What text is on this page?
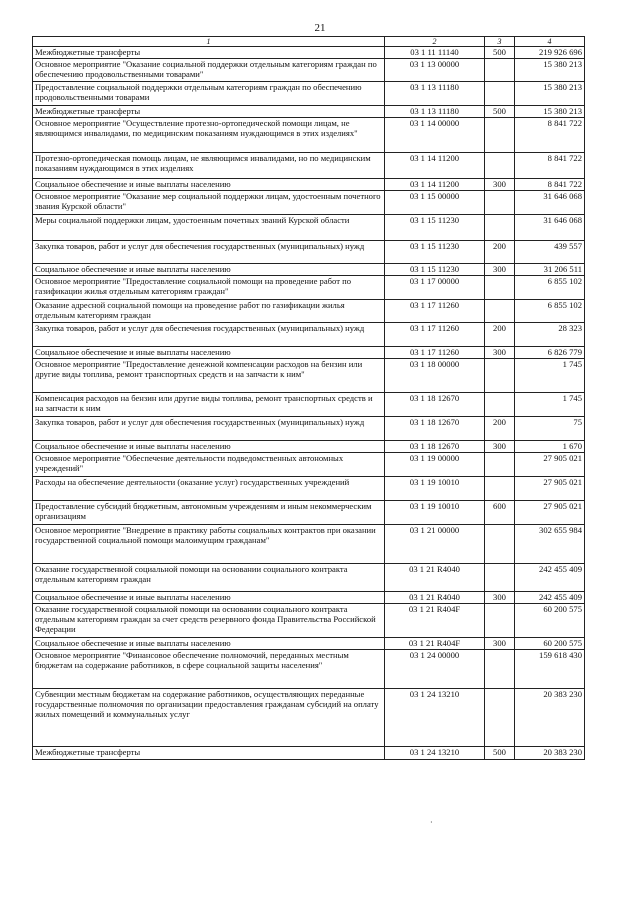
21
1	2	3	4
Межбюджетные трансферты	03 1 11 11140	500	219 926 696
Основное мероприятие "Оказание социальной поддержки отдельным категориям граждан по обеспечению продовольственными товарами"	03 1 13 00000		15 380 213
Предоставление социальной поддержки отдельным категориям граждан по обеспечению продовольственными товарами	03 1 13 11180		15 380 213
Межбюджетные трансферты	03 1 13 11180	500	15 380 213
Основное мероприятие "Осуществление протезно-ортопедической помощи лицам, не являющимся инвалидами, по медицинским показаниям нуждающимся в этих изделиях"	03 1 14 00000		8 841 722
Протезно-ортопедическая помощь лицам, не являющимся инвалидами, но по медицинским показаниям нуждающимся в этих изделиях	03 1 14 11200		8 841 722
Социальное обеспечение и иные выплаты населению	03 1 14 11200	300	8 841 722
Основное мероприятие "Оказание мер социальной поддержки лицам, удостоенным почетного звания Курской области"	03 1 15 00000		31 646 068
Меры социальной поддержки лицам, удостоенным почетных званий Курской области	03 1 15 11230		31 646 068
Закупка товаров, работ и услуг для обеспечения государственных (муниципальных) нужд	03 1 15 11230	200	439 557
Социальное обеспечение и иные выплаты населению	03 1 15 11230	300	31 206 511
Основное мероприятие "Предоставление социальной помощи на проведение работ по газификации жилья отдельным категориям граждан"	03 1 17 00000		6 855 102
Оказание адресной социальной помощи на проведение работ по газификации жилья отдельным категориям граждан	03 1 17 11260		6 855 102
Закупка товаров, работ и услуг для обеспечения государственных (муниципальных) нужд	03 1 17 11260	200	28 323
Социальное обеспечение и иные выплаты населению	03 1 17 11260	300	6 826 779
Основное мероприятие "Предоставление денежной компенсации расходов на бензин или другие виды топлива, ремонт транспортных средств и на запчасти к ним"	03 1 18 00000		1 745
Компенсация расходов на бензин или другие виды топлива, ремонт транспортных средств и на запчасти к ним	03 1 18 12670		1 745
Закупка товаров, работ и услуг для обеспечения государственных (муниципальных) нужд	03 1 18 12670	200	75
Социальное обеспечение и иные выплаты населению	03 1 18 12670	300	1 670
Основное мероприятие "Обеспечение деятельности подведомственных автономных учреждений"	03 1 19 00000		27 905 021
Расходы на обеспечение деятельности (оказание услуг) государственных учреждений	03 1 19 10010		27 905 021
Предоставление субсидий бюджетным, автономным учреждениям и иным некоммерческим организациям	03 1 19 10010	600	27 905 021
Основное мероприятие "Внедрение в практику работы социальных контрактов при оказании государственной социальной помощи малоимущим гражданам"	03 1 21 00000		302 655 984
Оказание государственной социальной помощи на основании социального контракта отдельным категориям граждан	03 1 21 R4040		242 455 409
Социальное обеспечение и иные выплаты населению	03 1 21 R4040	300	242 455 409
Оказание государственной социальной помощи на основании социального контракта отдельным категориям граждан за счет средств резервного фонда Правительства Российской Федерации	03 1 21 R404F		60 200 575
Социальное обеспечение и иные выплаты населению	03 1 21 R404F	300	60 200 575
Основное мероприятие "Финансовое обеспечение полномочий, переданных местным бюджетам на содержание работников, в сфере социальной защиты населения"	03 1 24 00000		159 618 430
Субвенции местным бюджетам на содержание работников, осуществляющих переданные государственные полномочия по организации предоставления гражданам субсидий на оплату жилых помещений и коммунальных услуг	03 1 24 13210		20 383 230
Межбюджетные трансферты	03 1 24 13210	500	20 383 230
·
